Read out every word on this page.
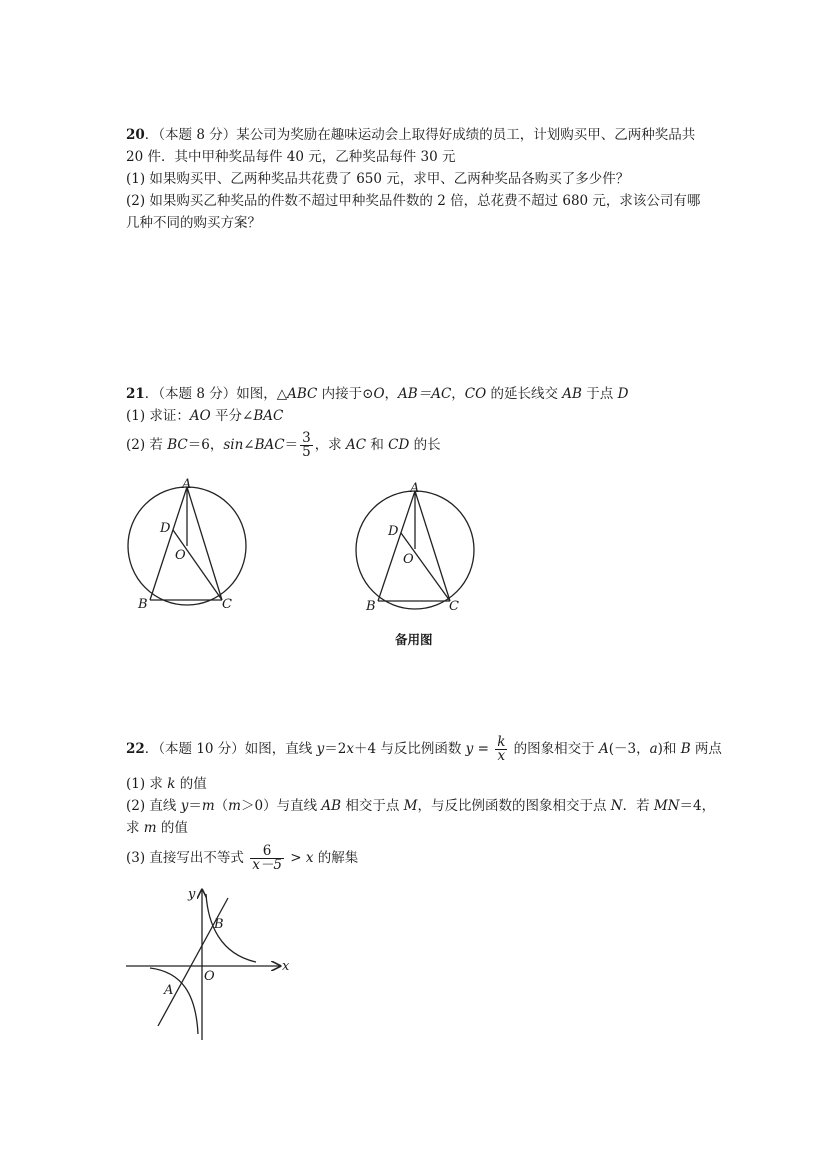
20．（本题 8 分）某公司为奖励在趣味运动会上取得好成绩的员工，计划购买甲、乙两种奖品共
20 件．其中甲种奖品每件 40 元，乙种奖品每件 30 元
(1) 如果购买甲、乙两种奖品共花费了 650 元，求甲、乙两种奖品各购买了多少件？
(2) 如果购买乙种奖品的件数不超过甲种奖品件数的 2 倍，总花费不超过 680 元，求该公司有哪
几种不同的购买方案？
21．（本题 8 分）如图，△ABC 内接于⊙O，AB＝AC，CO 的延长线交 AB 于点 D
(1) 求证：AO 平分∠BAC
(2) 若 BC＝6，sin∠BAC＝ $\frac{3}{5}$ ，求 AC 和 CD 的长
A
D
O
B	C
A
D
O
B	C
备用图
22．（本题 10 分）如图，直线 y＝2x＋4 与反比例函数 $y = \frac{k}{x}$ 的图象相交于 A(－3，a)和 B 两点
(1) 求 k 的值
(2) 直线 y＝m（m＞0）与直线 AB 相交于点 M，与反比例函数的图象相交于点 N．若 MN＝4，
求 m 的值
(3) 直接写出不等式 $\frac{6}{x-5} > x$ 的解集
y
x
O
A
B
